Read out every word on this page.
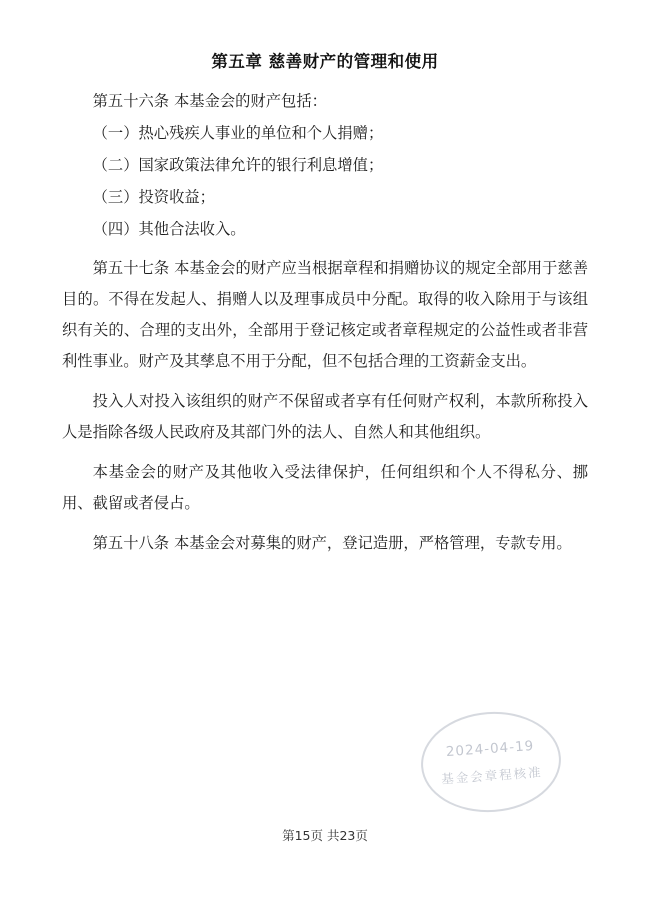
第五章 慈善财产的管理和使用

第五十六条 本基金会的财产包括：

（一）热心残疾人事业的单位和个人捐赠；

（二）国家政策法律允许的银行利息增值；

（三）投资收益；

（四）其他合法收入。

第五十七条 本基金会的财产应当根据章程和捐赠协议的规定全部用于慈善目的。不得在发起人、捐赠人以及理事成员中分配。取得的收入除用于与该组织有关的、合理的支出外，全部用于登记核定或者章程规定的公益性或者非营利性事业。财产及其孳息不用于分配，但不包括合理的工资薪金支出。

投入人对投入该组织的财产不保留或者享有任何财产权利，本款所称投入人是指除各级人民政府及其部门外的法人、自然人和其他组织。

本基金会的财产及其他收入受法律保护，任何组织和个人不得私分、挪用、截留或者侵占。

第五十八条 本基金会对募集的财产，登记造册，严格管理，专款专用。

2024-04-19
基金会章程核准
第15页 共23页
